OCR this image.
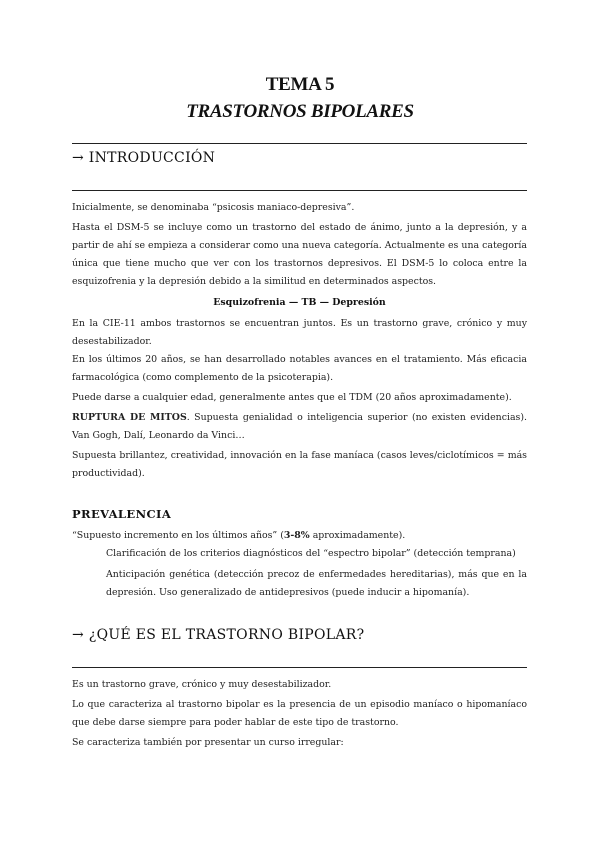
TEMA 5
TRASTORNOS BIPOLARES
→ INTRODUCCIÓN
Inicialmente, se denominaba “psicosis maniaco-depresiva”.
Hasta el DSM-5 se incluye como un trastorno del estado de ánimo, junto a la depresión, y a partir de ahí se empieza a considerar como una nueva categoría. Actualmente es una categoría única que tiene mucho que ver con los trastornos depresivos. El DSM-5 lo coloca entre la esquizofrenia y la depresión debido a la similitud en determinados aspectos.
Esquizofrenia — TB — Depresión
En la CIE-11 ambos trastornos se encuentran juntos. Es un trastorno grave, crónico y muy desestabilizador.
En los últimos 20 años, se han desarrollado notables avances en el tratamiento. Más eficacia farmacológica (como complemento de la psicoterapia).
Puede darse a cualquier edad, generalmente antes que el TDM (20 años aproximadamente).
RUPTURA DE MITOS. Supuesta genialidad o inteligencia superior (no existen evidencias). Van Gogh, Dalí, Leonardo da Vinci…
Supuesta brillantez, creatividad, innovación en la fase maníaca (casos leves/ciclotímicos = más productividad).
PREVALENCIA
“Supuesto incremento en los últimos años” (3-8% aproximadamente).
Clarificación de los criterios diagnósticos del “espectro bipolar” (detección temprana)
Anticipación genética (detección precoz de enfermedades hereditarias), más que en la depresión. Uso generalizado de antidepresivos (puede inducir a hipomanía).
→ ¿QUÉ ES EL TRASTORNO BIPOLAR?
Es un trastorno grave, crónico y muy desestabilizador.
Lo que caracteriza al trastorno bipolar es la presencia de un episodio maníaco o hipomaníaco que debe darse siempre para poder hablar de este tipo de trastorno.
Se caracteriza también por presentar un curso irregular:
